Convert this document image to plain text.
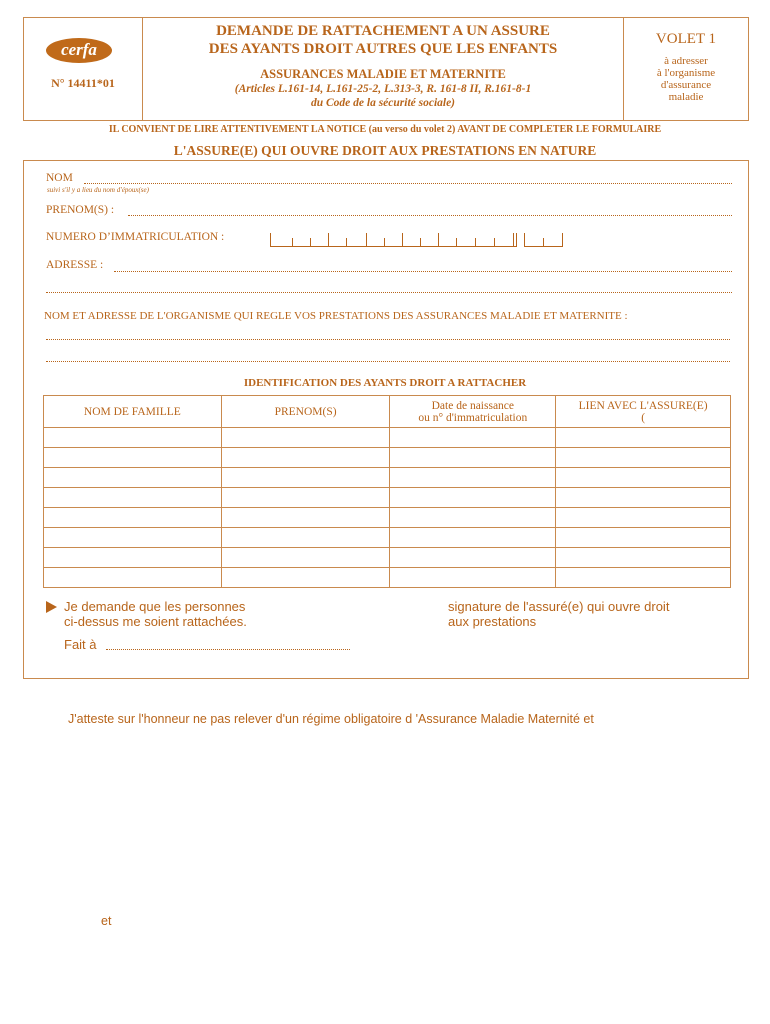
cerfa
N° 14411*01
DEMANDE DE RATTACHEMENT A UN ASSURE
DES AYANTS DROIT AUTRES QUE LES ENFANTS
ASSURANCES MALADIE ET MATERNITE
(Articles L.161-14, L.161-25-2, L.313-3, R. 161-8 II, R.161-8-1
du Code de la sécurité sociale)
VOLET 1
à adresser
à l'organisme
d'assurance
maladie
IL CONVIENT DE LIRE ATTENTIVEMENT LA NOTICE (au verso du volet 2) AVANT DE COMPLETER LE FORMULAIRE
L'ASSURE(E) QUI OUVRE DROIT AUX PRESTATIONS EN NATURE
NOM
suivi s'il y a lieu du nom d'époux(se)
PRENOM(S) :
NUMERO D’IMMATRICULATION :
ADRESSE :
NOM ET ADRESSE DE L'ORGANISME QUI REGLE VOS PRESTATIONS DES ASSURANCES MALADIE ET MATERNITE :
IDENTIFICATION DES AYANTS DROIT A RATTACHER
NOM DE FAMILLE	PRENOM(S)	Date de naissance
ou n° d'immatriculation	LIEN AVEC L'ASSURE(E)
(

Je demande que les personnes
ci-dessus me soient rattachées.
Fait à
signature de l'assuré(e) qui ouvre droit
aux prestations
J'atteste sur l'honneur ne pas relever d'un régime obligatoire d 'Assurance Maladie Maternité et
et
